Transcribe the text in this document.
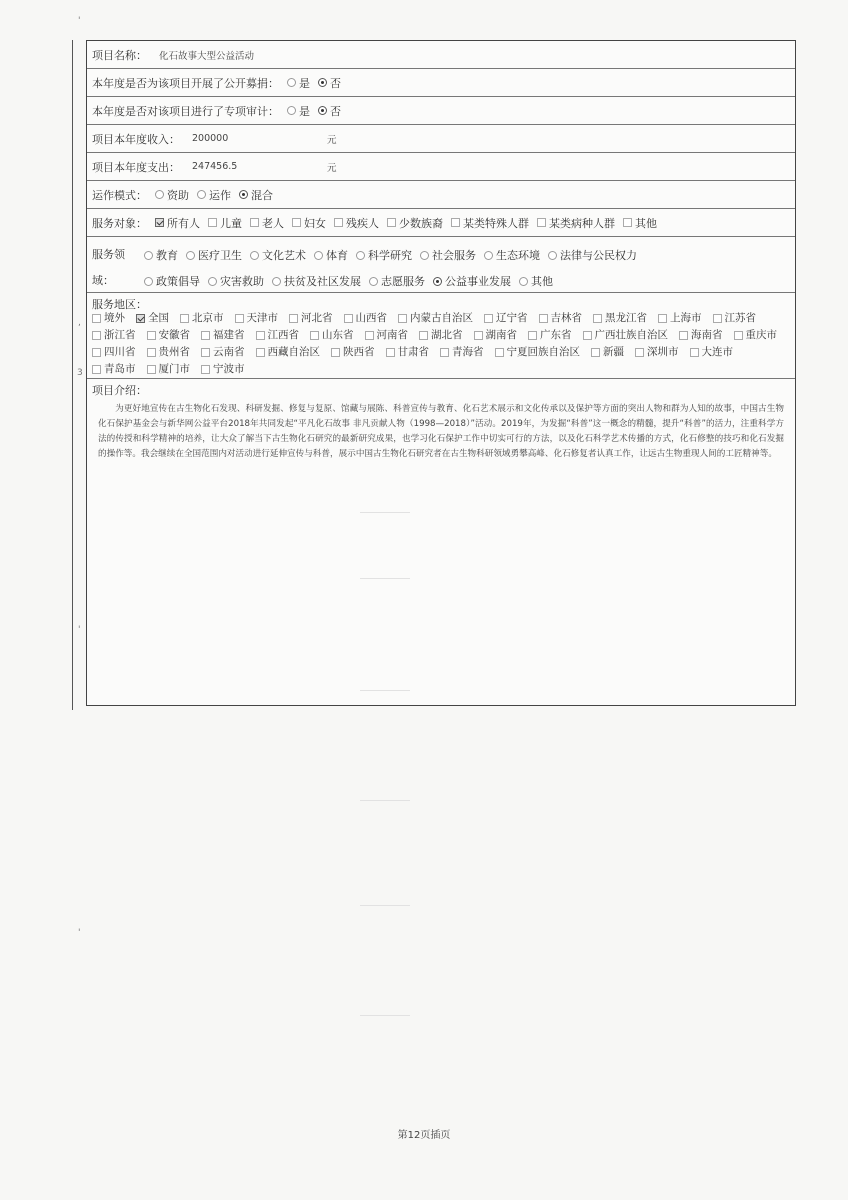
'
,
3
'
'
项目名称： 化石故事大型公益活动
本年度是否为该项目开展了公开募捐： 是 否
本年度是否对该项目进行了专项审计： 是 否
项目本年度收入： 200000	元
项目本年度支出： 247456.5	元
运作模式： 资助 运作 混合
服务对象： 所有人 儿童 老人 妇女 残疾人 少数族裔 某类特殊人群 某类病种人群 其他
服务领域：
教育 医疗卫生 文化艺术 体育 科学研究 社会服务 生态环境 法律与公民权力
政策倡导 灾害救助 扶贫及社区发展 志愿服务 公益事业发展 其他
服务地区：
境外 全国 北京市 天津市 河北省 山西省 内蒙古自治区 辽宁省 吉林省 黑龙江省 上海市 江苏省
浙江省 安徽省 福建省 江西省 山东省 河南省 湖北省 湖南省 广东省 广西壮族自治区 海南省 重庆市
四川省 贵州省 云南省 西藏自治区 陕西省 甘肃省 青海省 宁夏回族自治区 新疆 深圳市 大连市
青岛市 厦门市 宁波市
项目介绍：

为更好地宣传在古生物化石发现、科研发掘、修复与复原、馆藏与展陈、科普宣传与教育、化石艺术展示和文化传承以及保护等方面的突出人物和群为人知的故事，中国古生物化石保护基金会与新华网公益平台2018年共同发起“平凡化石故事 非凡贡献人物（1998—2018）”活动。2019年，为发掘“科普”这一概念的精髓，提升“科普”的活力，注重科学方法的传授和科学精神的培养，让大众了解当下古生物化石研究的最新研究成果，也学习化石保护工作中切实可行的方法，以及化石科学艺术传播的方式，化石修整的技巧和化石发掘的操作等。我会继续在全国范围内对活动进行延伸宣传与科普，展示中国古生物化石研究者在古生物科研领域勇攀高峰、化石修复者认真工作，让远古生物重现人间的工匠精神等。

第12页插页
